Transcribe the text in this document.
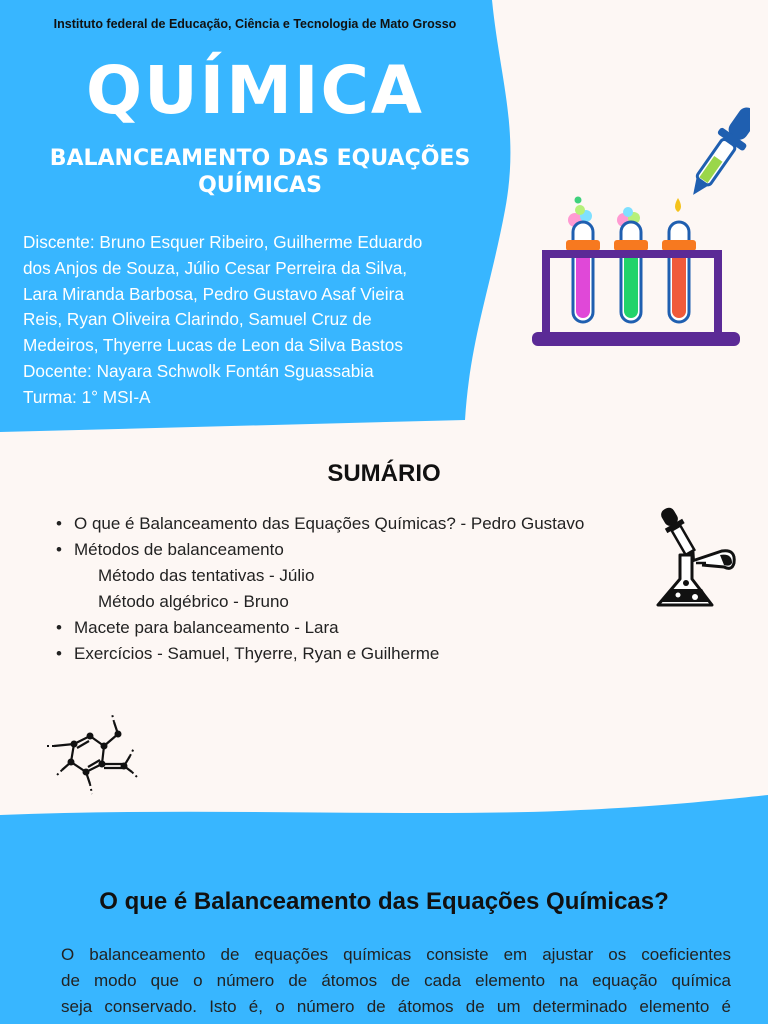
Instituto federal de Educação, Ciência e Tecnologia de Mato Grosso
QUÍMICA
BALANCEAMENTO DAS EQUAÇÕES
QUÍMICAS
Discente: Bruno Esquer Ribeiro, Guilherme Eduardo
dos Anjos de Souza, Júlio Cesar Perreira da Silva,
Lara Miranda Barbosa, Pedro Gustavo Asaf Vieira
Reis, Ryan Oliveira Clarindo, Samuel Cruz de
Medeiros, Thyerre Lucas de Leon da Silva Bastos
Docente: Nayara Schwolk Fontán Sguassabia
Turma: 1° MSI-A
SUMÁRIO
• O que é Balanceamento das Equações Químicas? - Pedro Gustavo
• Métodos de balanceamento
Método das tentativas - Júlio
Método algébrico - Bruno
• Macete para balanceamento - Lara
• Exercícios - Samuel, Thyerre, Ryan e Guilherme
O que é Balanceamento das Equações Químicas?
O balanceamento de equações químicas consiste em ajustar os coeficientes
de modo que o número de átomos de cada elemento na equação química
seja conservado. Isto é, o número de átomos de um determinado elemento é
